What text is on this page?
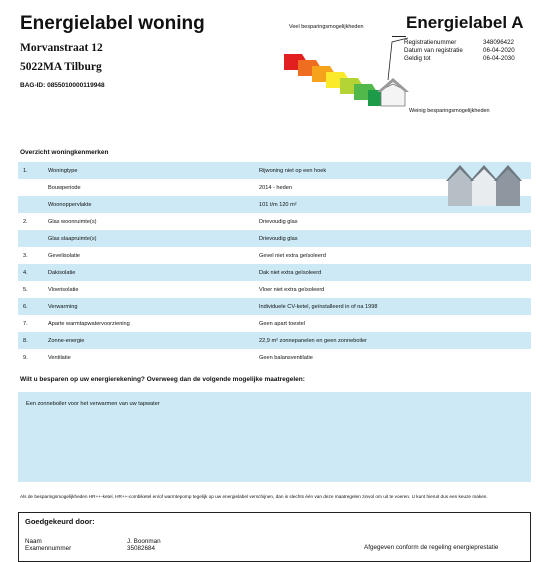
Energielabel woning
Morvanstraat 12
5022MA Tilburg
BAG-ID: 0855010000119948
Veel besparingsmogelijkheden
Weinig besparingsmogelijkheden
Energielabel A
Registratienummer	348096422
Datum van registratie	06-04-2020
Geldig tot	06-04-2030
Overzicht woningkenmerken
1.	Woningtype	Rijwoning niet op een hoek	
	Bouwperiode	2014 - heden	
	Woonoppervlakte	101 t/m 120 m²	
2.	Glas woonruimte(s)	Drievoudig glas	
	Glas slaapruimte(s)	Drievoudig glas	
3.	Gevelisolatie	Gevel niet extra geïsoleerd	
4.	Dakisolatie	Dak niet extra geïsoleerd	
5.	Vloerisolatie	Vloer niet extra geïsoleerd	
6.	Verwarming	Individuele CV-ketel, geïnstalleerd in of na 1998	
7.	Aparte warmtapwatervoorziening	Geen apart toestel	
8.	Zonne-energie	22,9 m² zonnepanelen en geen zonneboiler	
9.	Ventilatie	Geen balansventilatie	
Wilt u besparen op uw energierekening? Overweeg dan de volgende mogelijke maatregelen:
Een zonneboiler voor het verwarmen van uw tapwater
Als de besparingsmogelijkheden HR++-ketel, HR++-combiketel en/of warmtepomp tegelijk op uw energielabel verschijnen, dan is slechts één van deze maatregelen zinvol om uit te voeren. U kunt hieruit dus een keuze maken.
Goedgekeurd door:
Naam	J. Boonman
Examennummer	35082684	Afgegeven conform de regeling energieprestatie
